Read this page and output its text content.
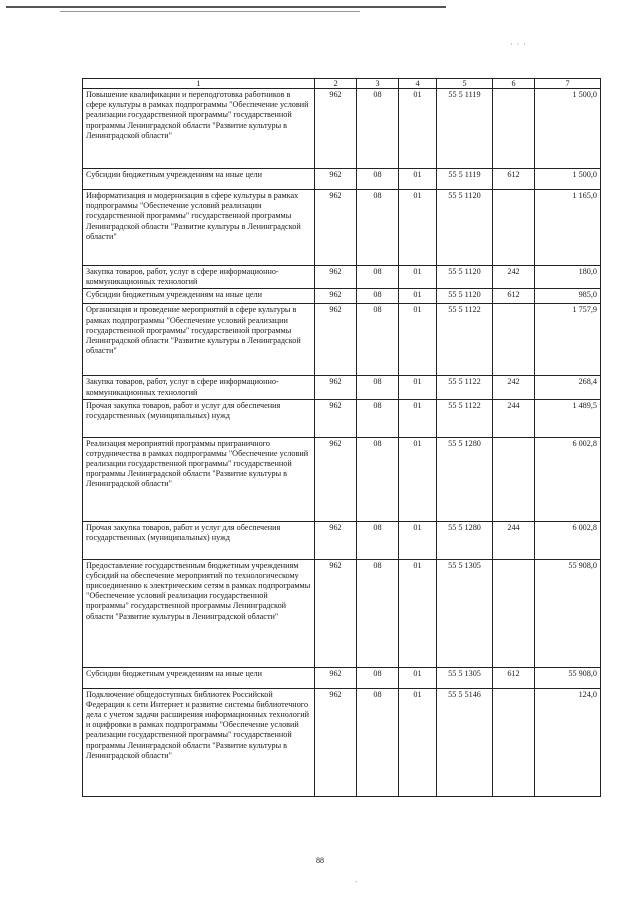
·  ·  ·
1	2	3	4	5	6	7
Повышение квалификации и переподготовка работников в сфере культуры в рамках подпрограммы "Обеспечение условий реализации государственной программы" государственной программы Ленинградской области "Развитие культуры в Ленинградской области"	962	08	01	55 5 1119		1 500,0
Субсидии бюджетным учреждениям на иные цели	962	08	01	55 5 1119	612	1 500,0
Информатизация и модернизация в сфере культуры в рамках подпрограммы "Обеспечение условий реализации государственной программы" государственной программы Ленинградской области "Развитие культуры в Ленинградской области"	962	08	01	55 5 1120		1 165,0
Закупка товаров, работ, услуг в сфере информационно-коммуникационных технологий	962	08	01	55 5 1120	242	180,0
Субсидии бюджетным учреждениям на иные цели	962	08	01	55 5 1120	612	985,0
Организация и проведение мероприятий в сфере культуры в рамках подпрограммы "Обеспечение условий реализации государственной программы" государственной программы Ленинградской области "Развитие культуры в Ленинградской области"	962	08	01	55 5 1122		1 757,9
Закупка товаров, работ, услуг в сфере информационно-коммуникационных технологий	962	08	01	55 5 1122	242	268,4
Прочая закупка товаров, работ и услуг для обеспечения государственных (муниципальных) нужд	962	08	01	55 5 1122	244	1 489,5
Реализация мероприятий программы приграничного сотрудничества в рамках подпрограммы "Обеспечение условий реализации государственной программы" государственной программы Ленинградской области "Развитие культуры в Ленинградской области"	962	08	01	55 5 1280		6 002,8
Прочая закупка товаров, работ и услуг для обеспечения государственных (муниципальных) нужд	962	08	01	55 5 1280	244	6 002,8
Предоставление государственным бюджетным учреждениям субсидий на обеспечение мероприятий по технологическому присоединению к электрическим сетям в рамках подпрограммы "Обеспечение условий реализации государственной программы" государственной программы Ленинградской области "Развитие культуры в Ленинградской области"	962	08	01	55 5 1305		55 908,0
Субсидии бюджетным учреждениям на иные цели	962	08	01	55 5 1305	612	55 908,0
Подключение общедоступных библиотек Российской Федерации к сети Интернет и развитие системы библиотечного дела с учетом задачи расширения информационных технологий и оцифровки в рамках подпрограммы "Обеспечение условий реализации государственной программы" государственной программы Ленинградской области "Развитие культуры в Ленинградской области"	962	08	01	55 5 5146		124,0
88
`
